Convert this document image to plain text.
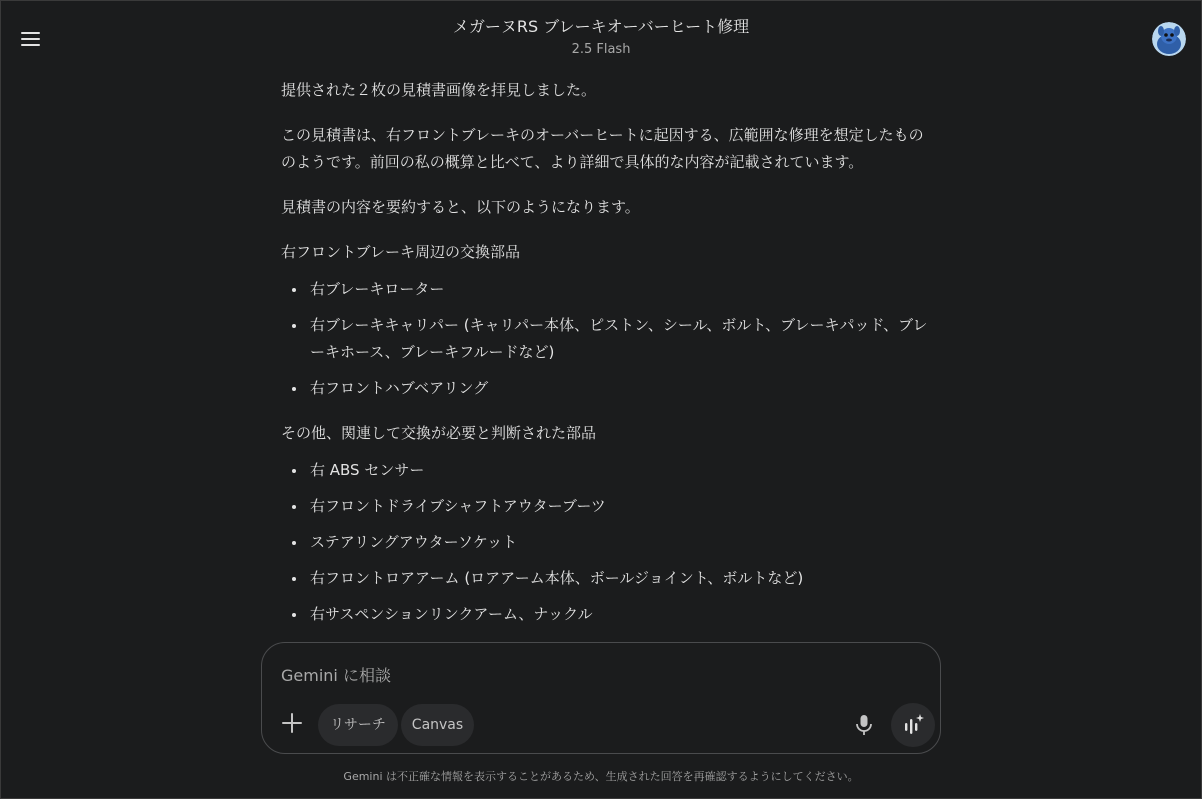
メガーヌRS ブレーキオーバーヒート修理
2.5 Flash

提供された２枚の見積書画像を拝見しました。

この見積書は、右フロントブレーキのオーバーヒートに起因する、広範囲な修理を想定したもののようです。前回の私の概算と比べて、より詳細で具体的な内容が記載されています。

見積書の内容を要約すると、以下のようになります。

右フロントブレーキ周辺の交換部品

右ブレーキローター
右ブレーキキャリパー (キャリパー本体、ピストン、シール、ボルト、ブレーキパッド、ブレーキホース、ブレーキフルードなど)
右フロントハブベアリング

その他、関連して交換が必要と判断された部品

右 ABS センサー
右フロントドライブシャフトアウターブーツ
ステアリングアウターソケット
右フロントロアアーム (ロアアーム本体、ボールジョイント、ボルトなど)
右サスペンションリンクアーム、ナックル
Gemini に相談
リサーチ	Canvas
Gemini は不正確な情報を表示することがあるため、生成された回答を再確認するようにしてください。
